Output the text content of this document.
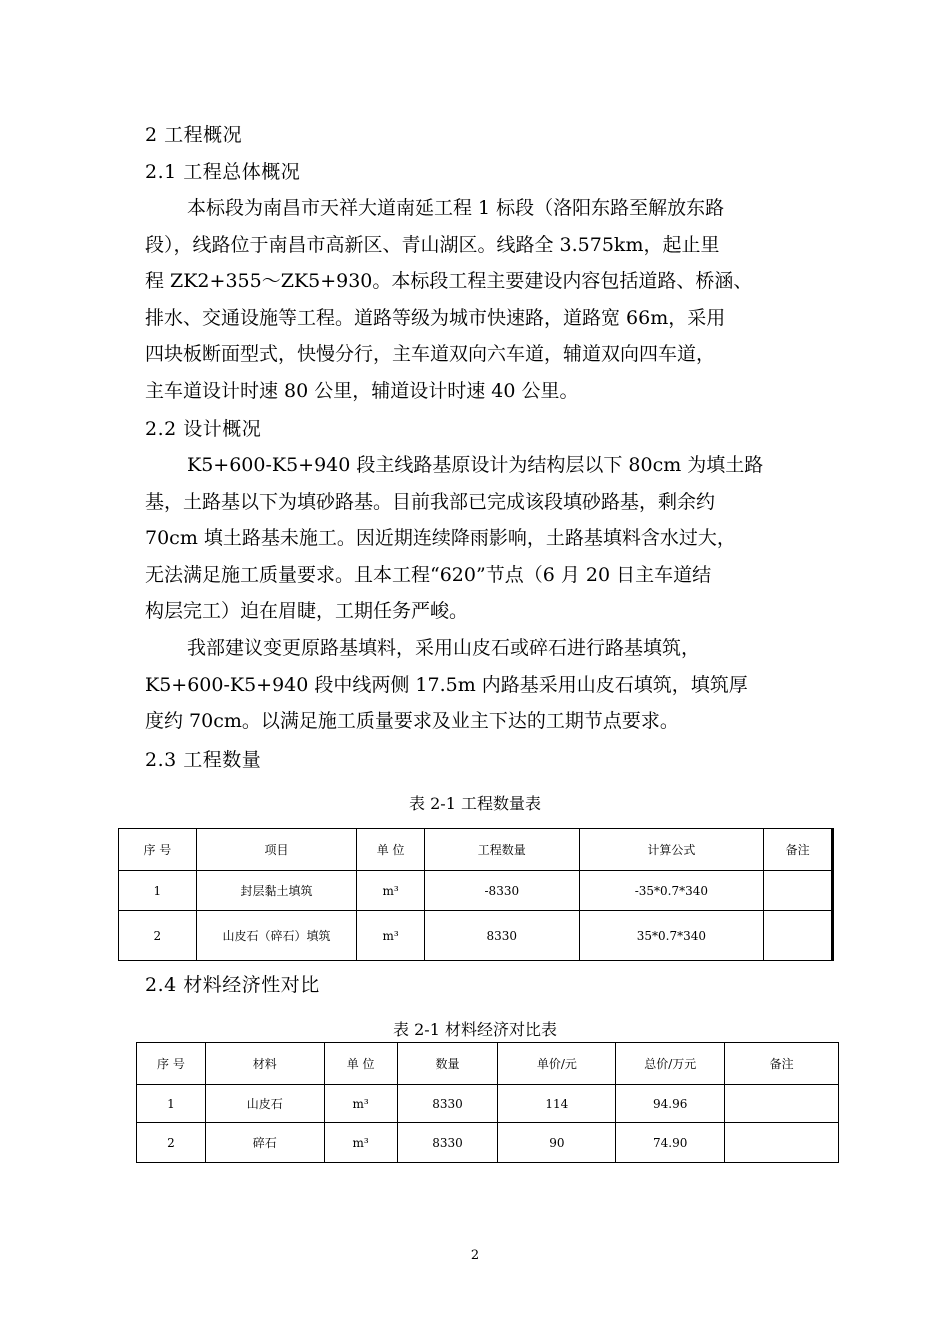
2 工程概况
2.1 工程总体概况
本标段为南昌市天祥大道南延工程 1 标段（洛阳东路至解放东路
段），线路位于南昌市高新区、青山湖区。线路全 3.575km，起止里
程 ZK2+355～ZK5+930。本标段工程主要建设内容包括道路、桥涵、
排水、交通设施等工程。道路等级为城市快速路，道路宽 66m，采用
四块板断面型式，快慢分行，主车道双向六车道，辅道双向四车道，
主车道设计时速 80 公里，辅道设计时速 40 公里。
2.2 设计概况
K5+600-K5+940 段主线路基原设计为结构层以下 80cm 为填土路
基，土路基以下为填砂路基。目前我部已完成该段填砂路基，剩余约
70cm 填土路基未施工。因近期连续降雨影响，土路基填料含水过大，
无法满足施工质量要求。且本工程“620”节点（6 月 20 日主车道结
构层完工）迫在眉睫，工期任务严峻。
我部建议变更原路基填料，采用山皮石或碎石进行路基填筑，
K5+600-K5+940 段中线两侧 17.5m 内路基采用山皮石填筑，填筑厚
度约 70cm。以满足施工质量要求及业主下达的工期节点要求。
2.3 工程数量
表 2-1 工程数量表
序 号	项目	单 位	工程数量	计算公式	备注
1	封层黏土填筑	m³	-8330	-35*0.7*340	
2	山皮石（碎石）填筑	m³	8330	35*0.7*340	
2.4 材料经济性对比
表 2-1 材料经济对比表
序 号	材料	单 位	数量	单价/元	总价/万元	备注
1	山皮石	m³	8330	114	94.96	
2	碎石	m³	8330	90	74.90	
2
